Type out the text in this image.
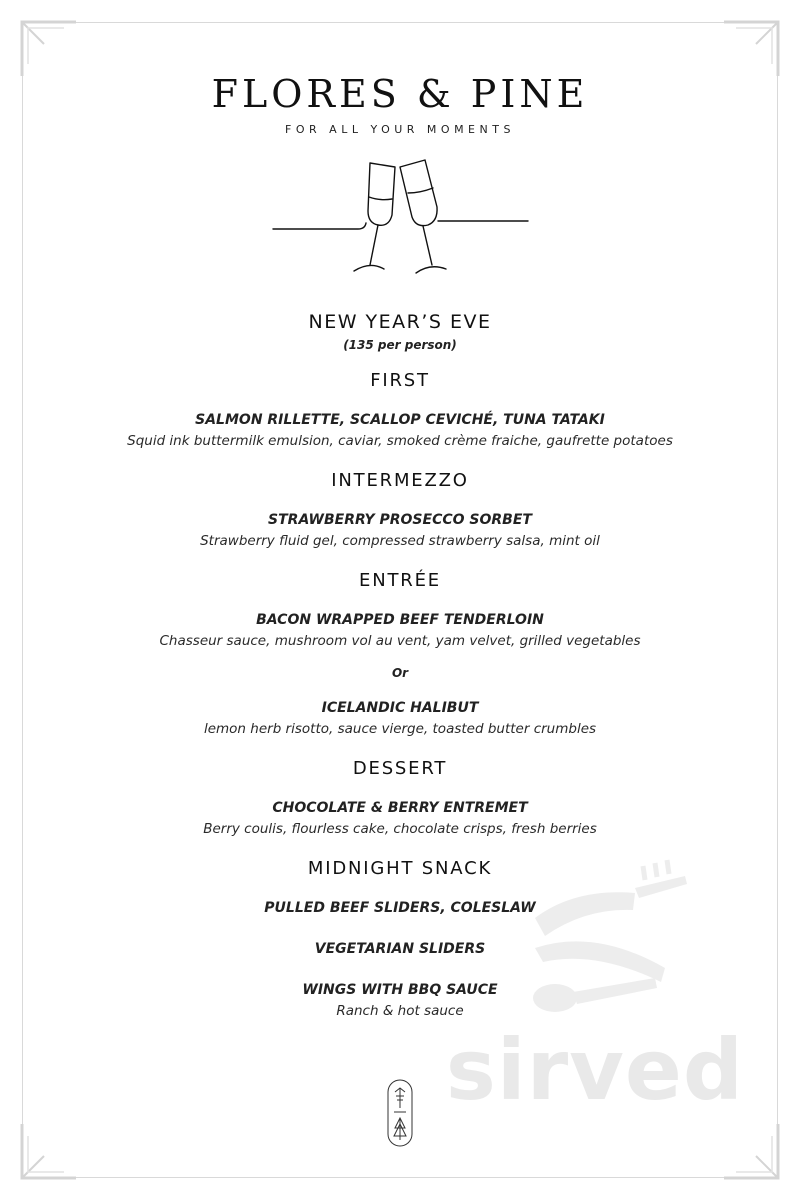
FLORES & PINE
FOR ALL YOUR MOMENTS
NEW YEAR’S EVE
(135 per person)
FIRST
SALMON RILLETTE, SCALLOP CEVICHÉ, TUNA TATAKI
Squid ink buttermilk emulsion, caviar, smoked crème fraiche, gaufrette potatoes
INTERMEZZO
STRAWBERRY PROSECCO SORBET
Strawberry fluid gel, compressed strawberry salsa, mint oil
ENTRÉE
BACON WRAPPED BEEF TENDERLOIN
Chasseur sauce, mushroom vol au vent, yam velvet, grilled vegetables
Or
ICELANDIC HALIBUT
lemon herb risotto, sauce vierge, toasted butter crumbles
DESSERT
CHOCOLATE & BERRY ENTREMET
Berry coulis, flourless cake, chocolate crisps, fresh berries
MIDNIGHT SNACK
PULLED BEEF SLIDERS, COLESLAW
VEGETARIAN SLIDERS
WINGS WITH BBQ SAUCE
Ranch & hot sauce
sirved
